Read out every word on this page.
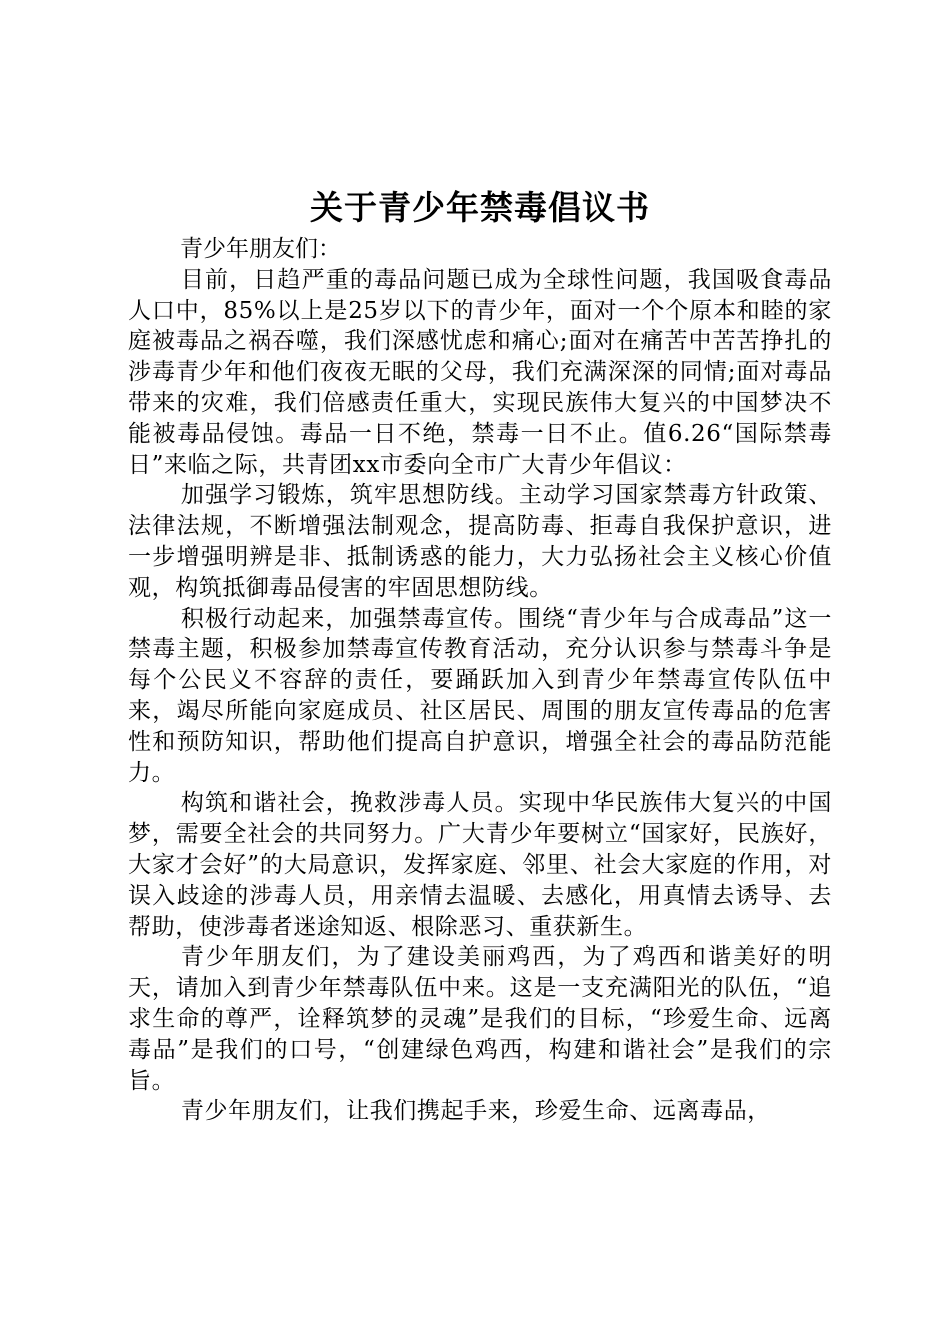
关于青少年禁毒倡议书

青少年朋友们：

目前，日趋严重的毒品问题已成为全球性问题，我国吸食毒品人口中，85%以上是25岁以下的青少年，面对一个个原本和睦的家庭被毒品之祸吞噬，我们深感忧虑和痛心;面对在痛苦中苦苦挣扎的涉毒青少年和他们夜夜无眠的父母，我们充满深深的同情;面对毒品带来的灾难，我们倍感责任重大，实现民族伟大复兴的中国梦决不能被毒品侵蚀。毒品一日不绝，禁毒一日不止。值6.26“国际禁毒日”来临之际，共青团xx市委向全市广大青少年倡议：

加强学习锻炼，筑牢思想防线。主动学习国家禁毒方针政策、法律法规，不断增强法制观念，提高防毒、拒毒自我保护意识，进一步增强明辨是非、抵制诱惑的能力，大力弘扬社会主义核心价值观，构筑抵御毒品侵害的牢固思想防线。

积极行动起来，加强禁毒宣传。围绕“青少年与合成毒品”这一禁毒主题，积极参加禁毒宣传教育活动，充分认识参与禁毒斗争是每个公民义不容辞的责任，要踊跃加入到青少年禁毒宣传队伍中来，竭尽所能向家庭成员、社区居民、周围的朋友宣传毒品的危害性和预防知识，帮助他们提高自护意识，增强全社会的毒品防范能力。

构筑和谐社会，挽救涉毒人员。实现中华民族伟大复兴的中国梦，需要全社会的共同努力。广大青少年要树立“国家好，民族好，大家才会好”的大局意识，发挥家庭、邻里、社会大家庭的作用，对误入歧途的涉毒人员，用亲情去温暖、去感化，用真情去诱导、去帮助，使涉毒者迷途知返、根除恶习、重获新生。

青少年朋友们，为了建设美丽鸡西，为了鸡西和谐美好的明天，请加入到青少年禁毒队伍中来。这是一支充满阳光的队伍，“追求生命的尊严，诠释筑梦的灵魂”是我们的目标，“珍爱生命、远离毒品”是我们的口号，“创建绿色鸡西，构建和谐社会”是我们的宗旨。

青少年朋友们，让我们携起手来，珍爱生命、远离毒品，
